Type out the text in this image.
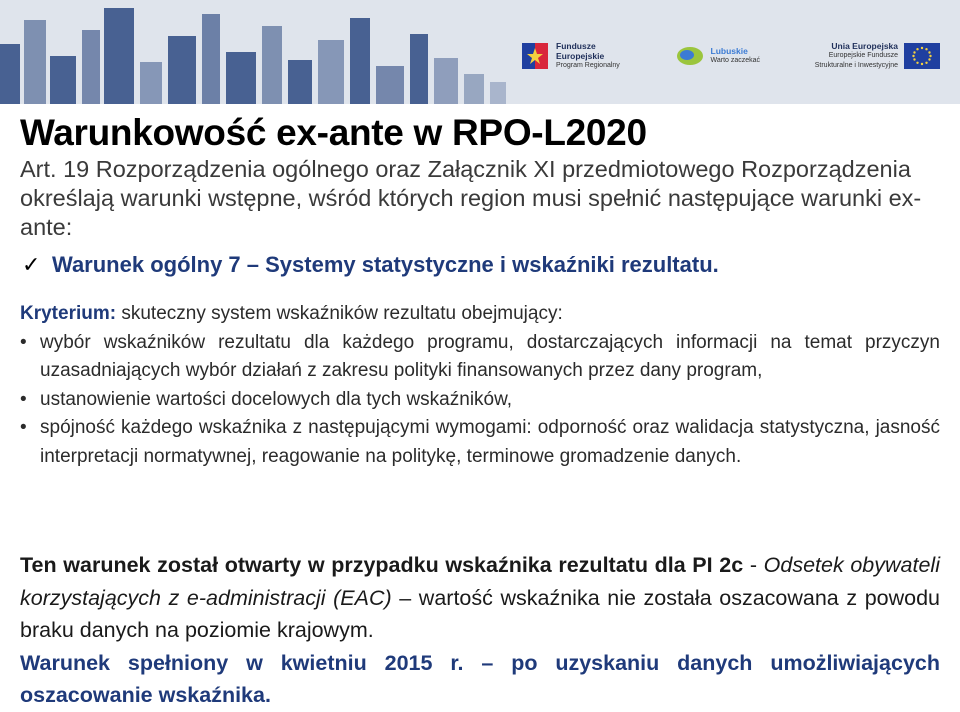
Fundusze
Europejskie
Program Regionalny
Lubuskie
Warto zaczekać
Unia Europejska
Europejskie Fundusze
Strukturalne i Inwestycyjne
Warunkowość ex-ante w RPO-L2020
Art. 19 Rozporządzenia ogólnego oraz Załącznik XI przedmiotowego Rozporządzenia określają warunki wstępne, wśród których region musi spełnić następujące warunki ex-ante:
✓ Warunek ogólny 7 – Systemy statystyczne i wskaźniki rezultatu.

Kryterium: skuteczny system wskaźników rezultatu obejmujący:

• wybór wskaźników rezultatu dla każdego programu, dostarczających informacji na temat przyczyn uzasadniających wybór działań z zakresu polityki finansowanych przez dany program,
• ustanowienie wartości docelowych dla tych wskaźników,
• spójność każdego wskaźnika z następującymi wymogami: odporność oraz walidacja statystyczna, jasność interpretacji normatywnej, reagowanie na politykę, terminowe gromadzenie danych.

Ten warunek został otwarty w przypadku wskaźnika rezultatu dla PI 2c - Odsetek obywateli korzystających z e-administracji (EAC) – wartość wskaźnika nie została oszacowana z powodu braku danych na poziomie krajowym.

Warunek spełniony w kwietniu 2015 r. – po uzyskaniu danych umożliwiających oszacowanie wskaźnika.
